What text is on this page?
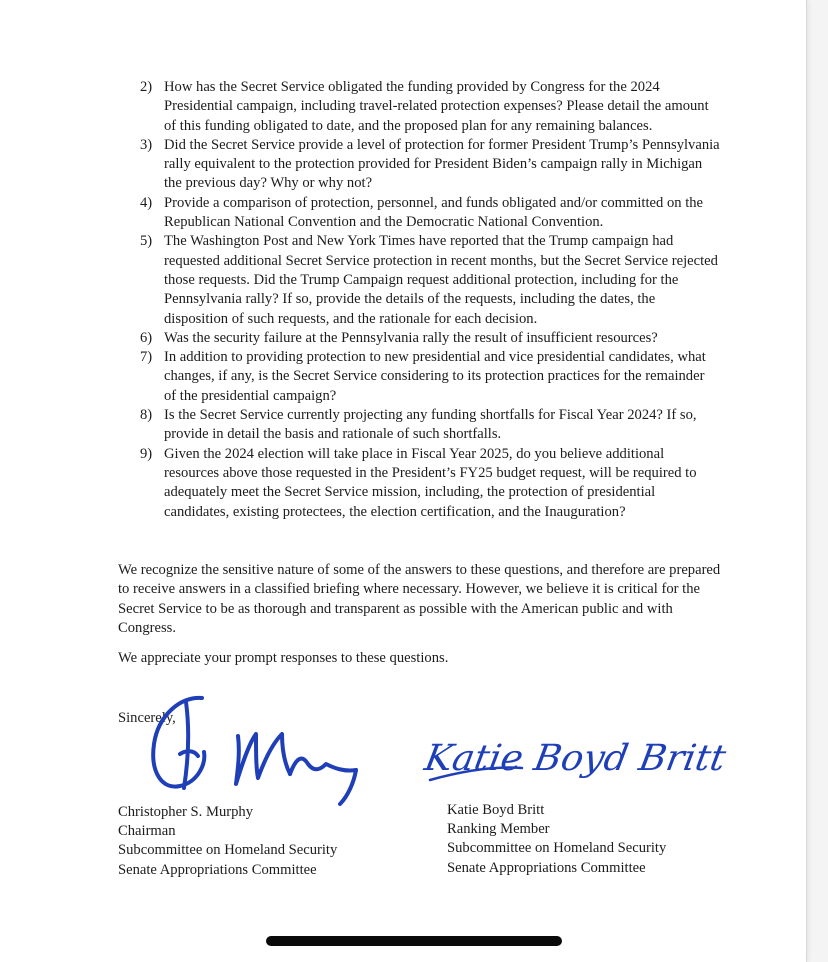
2) How has the Secret Service obligated the funding provided by Congress for the 2024 Presidential campaign, including travel-related protection expenses? Please detail the amount of this funding obligated to date, and the proposed plan for any remaining balances.
3) Did the Secret Service provide a level of protection for former President Trump’s Pennsylvania rally equivalent to the protection provided for President Biden’s campaign rally in Michigan the previous day? Why or why not?
4) Provide a comparison of protection, personnel, and funds obligated and/or committed on the Republican National Convention and the Democratic National Convention.
5) The Washington Post and New York Times have reported that the Trump campaign had requested additional Secret Service protection in recent months, but the Secret Service rejected those requests. Did the Trump Campaign request additional protection, including for the Pennsylvania rally? If so, provide the details of the requests, including the dates, the disposition of such requests, and the rationale for each decision.
6) Was the security failure at the Pennsylvania rally the result of insufficient resources?
7) In addition to providing protection to new presidential and vice presidential candidates, what changes, if any, is the Secret Service considering to its protection practices for the remainder of the presidential campaign?
8) Is the Secret Service currently projecting any funding shortfalls for Fiscal Year 2024? If so, provide in detail the basis and rationale of such shortfalls.
9) Given the 2024 election will take place in Fiscal Year 2025, do you believe additional resources above those requested in the President’s FY25 budget request, will be required to adequately meet the Secret Service mission, including, the protection of presidential candidates, existing protectees, the election certification, and the Inauguration?

We recognize the sensitive nature of some of the answers to these questions, and therefore are prepared to receive answers in a classified briefing where necessary. However, we believe it is critical for the Secret Service to be as thorough and transparent as possible with the American public and with Congress.

We appreciate your prompt responses to these questions.

Sincerely,
Katie Boyd Britt
Christopher S. Murphy
Chairman
Subcommittee on Homeland Security
Senate Appropriations Committee
Katie Boyd Britt
Ranking Member
Subcommittee on Homeland Security
Senate Appropriations Committee
